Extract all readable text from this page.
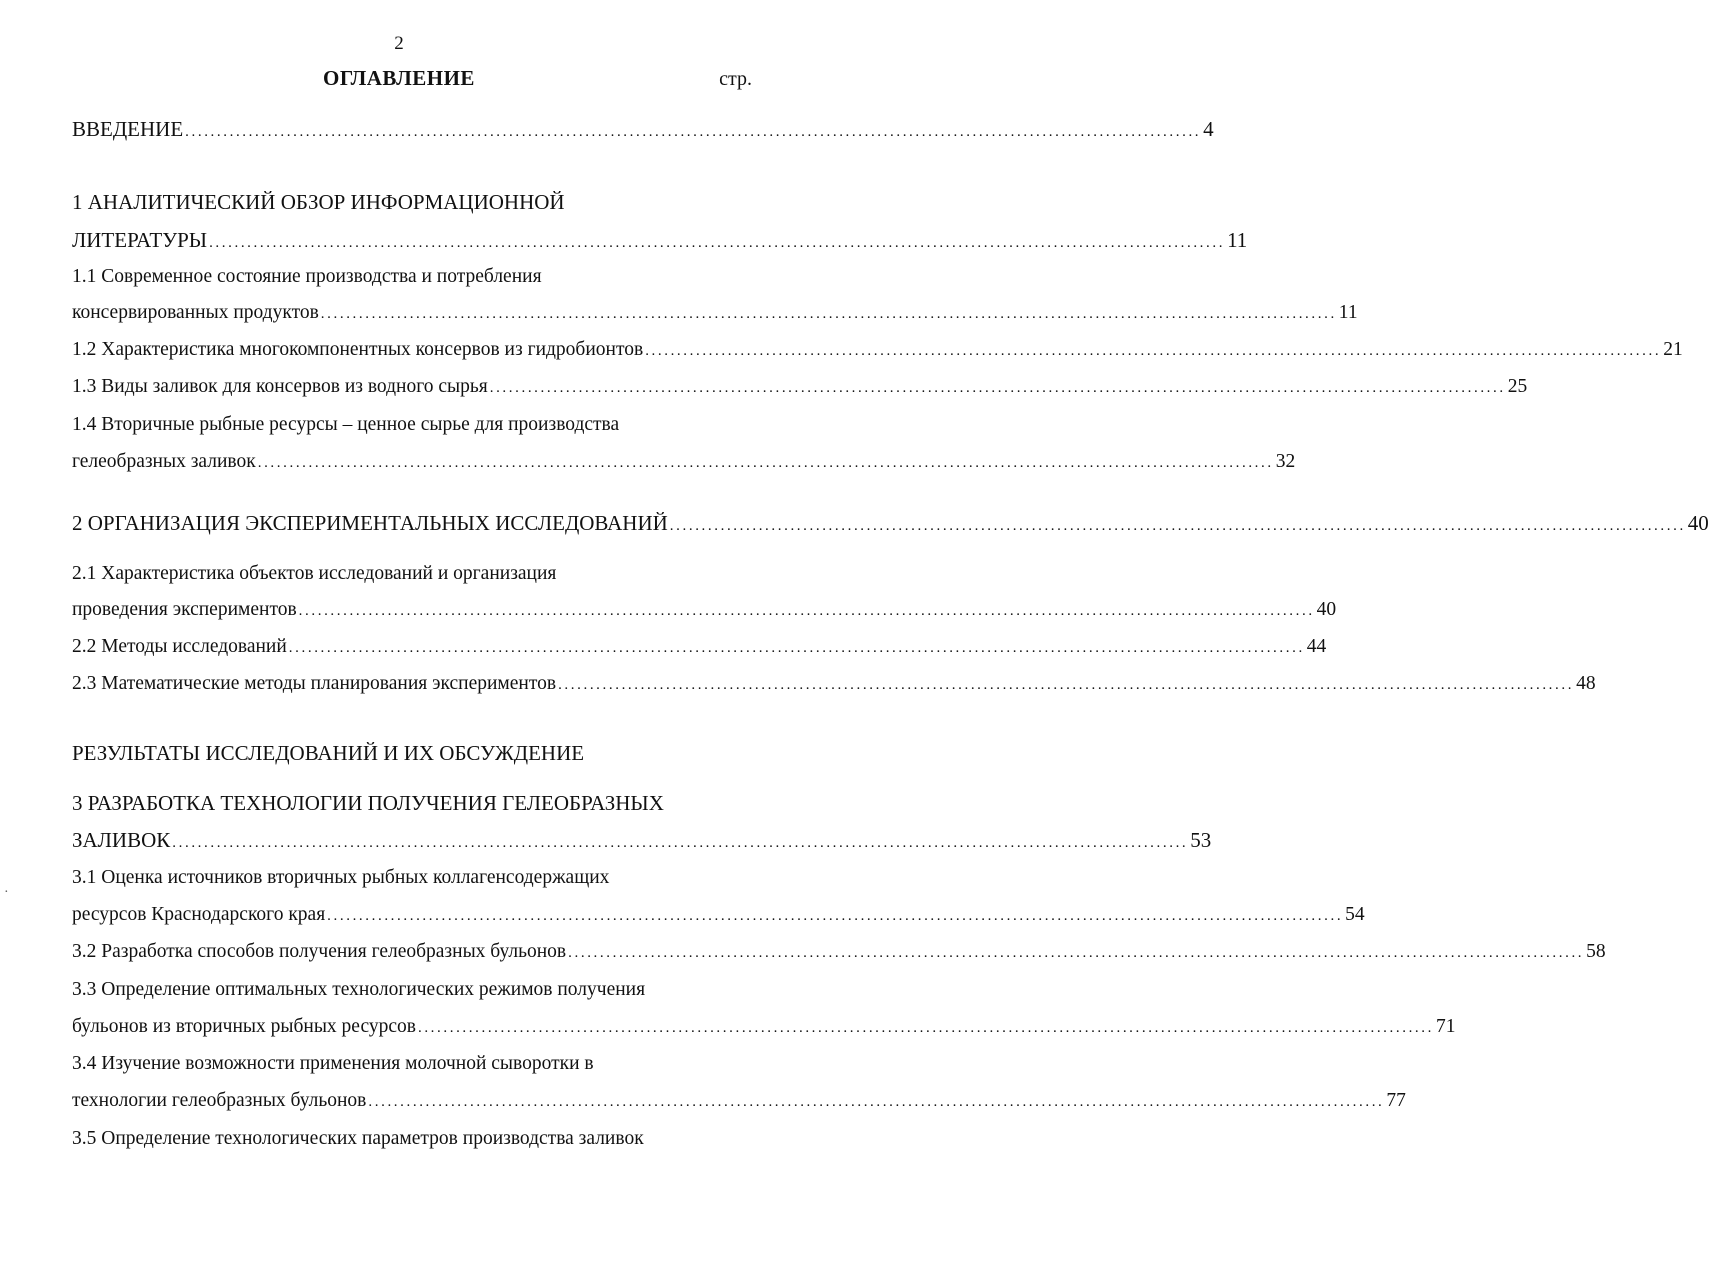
2
ОГЛАВЛЕНИЕ	стр.
ВВЕДЕНИЕ ................................................................................................................................................................ 4
1 АНАЛИТИЧЕСКИЙ ОБЗОР ИНФОРМАЦИОННОЙ
ЛИТЕРАТУРЫ ................................................................................................................................................................ 11
1.1 Современное состояние производства и потребления
консервированных продуктов ................................................................................................................................................................ 11
1.2 Характеристика многокомпонентных консервов из гидробионтов ................................................................................................................................................................ 21
1.3 Виды заливок для консервов из водного сырья ................................................................................................................................................................ 25
1.4 Вторичные рыбные ресурсы – ценное сырье для производства
гелеобразных заливок ................................................................................................................................................................ 32
2 ОРГАНИЗАЦИЯ ЭКСПЕРИМЕНТАЛЬНЫХ ИССЛЕДОВАНИЙ ................................................................................................................................................................ 40
2.1 Характеристика объектов исследований и организация
проведения экспериментов ................................................................................................................................................................ 40
2.2 Методы исследований ................................................................................................................................................................ 44
2.3 Математические методы планирования экспериментов ................................................................................................................................................................ 48
РЕЗУЛЬТАТЫ ИССЛЕДОВАНИЙ И ИХ ОБСУЖДЕНИЕ
3 РАЗРАБОТКА ТЕХНОЛОГИИ ПОЛУЧЕНИЯ ГЕЛЕОБРАЗНЫХ
ЗАЛИВОК ................................................................................................................................................................ 53
3.1 Оценка источников вторичных рыбных коллагенсодержащих
ресурсов Краснодарского края ................................................................................................................................................................ 54
3.2 Разработка способов получения гелеобразных бульонов ................................................................................................................................................................ 58
3.3 Определение оптимальных технологических режимов получения
бульонов из вторичных рыбных ресурсов ................................................................................................................................................................ 71
3.4 Изучение возможности применения молочной сыворотки в
технологии гелеобразных бульонов ................................................................................................................................................................ 77
3.5 Определение технологических параметров производства заливок
·
